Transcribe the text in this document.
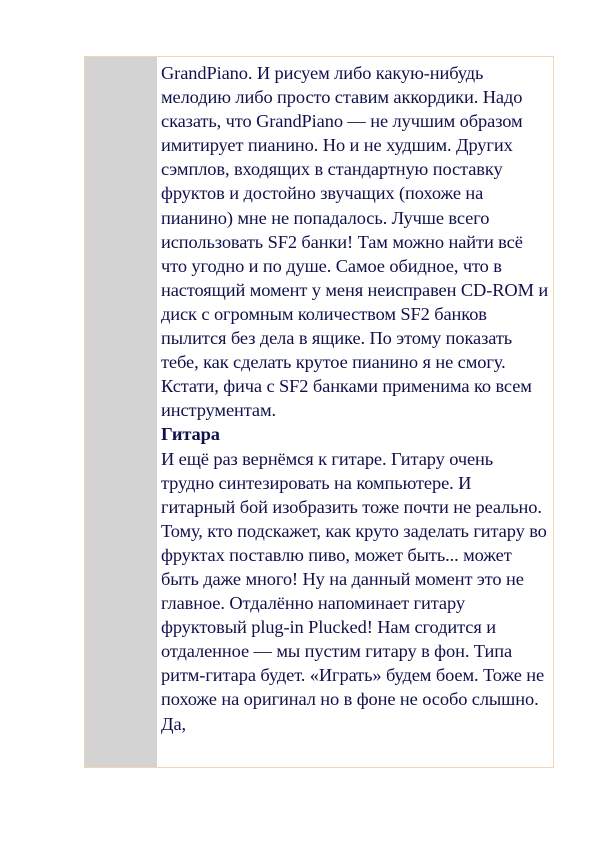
GrandPiano. И рисуем либо какую-нибудь мелодию либо просто ставим аккордики. Надо сказать, что GrandPiano — не лучшим образом имитирует пианино. Но и не худшим. Других сэмплов, входящих в стандартную поставку фруктов и достойно звучащих (похоже на пианино) мне не попадалось. Лучше всего использовать SF2 банки! Там можно найти всё что угодно и по душе. Самое обидное, что в настоящий момент у меня неисправен CD-ROM и диск с огромным количеством SF2 банков пылится без дела в ящике. По этому показать тебе, как сделать крутое пианино я не смогу. Кстати, фича с SF2 банками применима ко всем инструментам.

Гитара

И ещё раз вернёмся к гитаре. Гитару очень трудно синтезировать на компьютере. И гитарный бой изобразить тоже почти не реально. Тому, кто подскажет, как круто заделать гитару во фруктах поставлю пиво, может быть... может быть даже много! Ну на данный момент это не главное. Отдалённо напоминает гитару фруктовый plug-in Plucked! Нам сгодится и отдаленное — мы пустим гитару в фон. Типа ритм-гитара будет. «Играть» будем боем. Тоже не похоже на оригинал но в фоне не особо слышно. Да,
